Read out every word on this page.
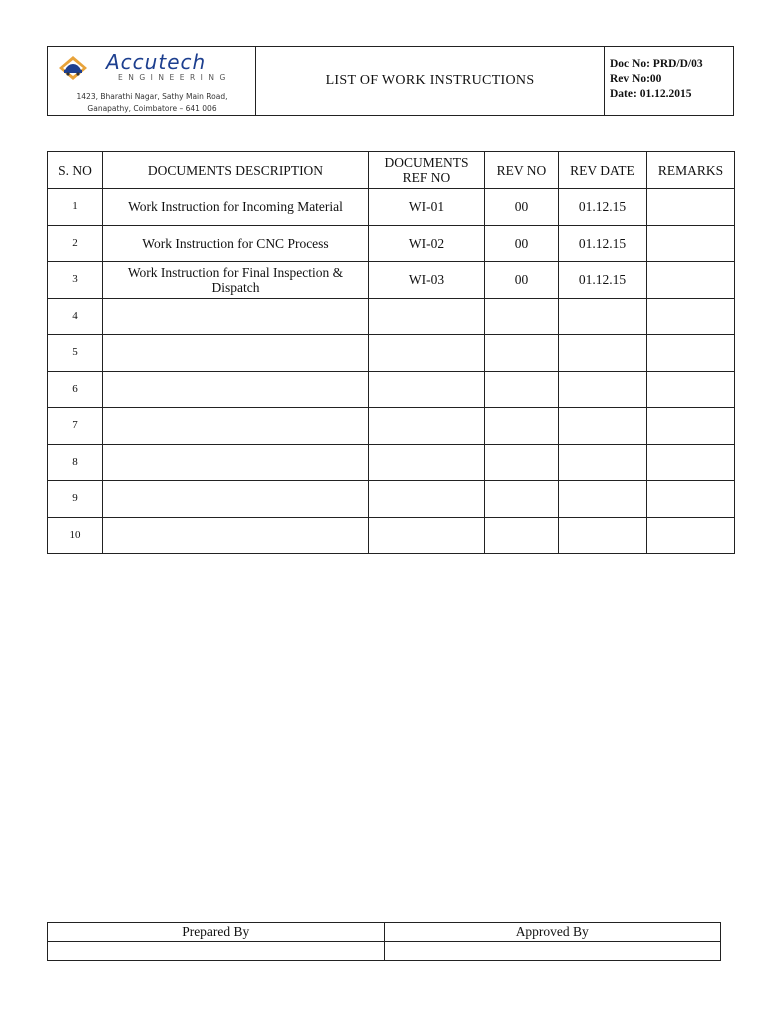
Accutech
ENGINEERING
1423, Bharathi Nagar, Sathy Main Road,
Ganapathy, Coimbatore – 641 006
LIST OF WORK INSTRUCTIONS
Doc No: PRD/D/03
Rev No:00
Date: 01.12.2015
S. NO	DOCUMENTS DESCRIPTION	DOCUMENTS REF NO	REV NO	REV DATE	REMARKS
1	Work Instruction for Incoming Material	WI-01	00	01.12.15	
2	Work Instruction for CNC Process	WI-02	00	01.12.15	
3	Work Instruction for Final Inspection & Dispatch	WI-03	00	01.12.15	
4					
5					
6					
7					
8					
9					
10					
Prepared By	Approved By
